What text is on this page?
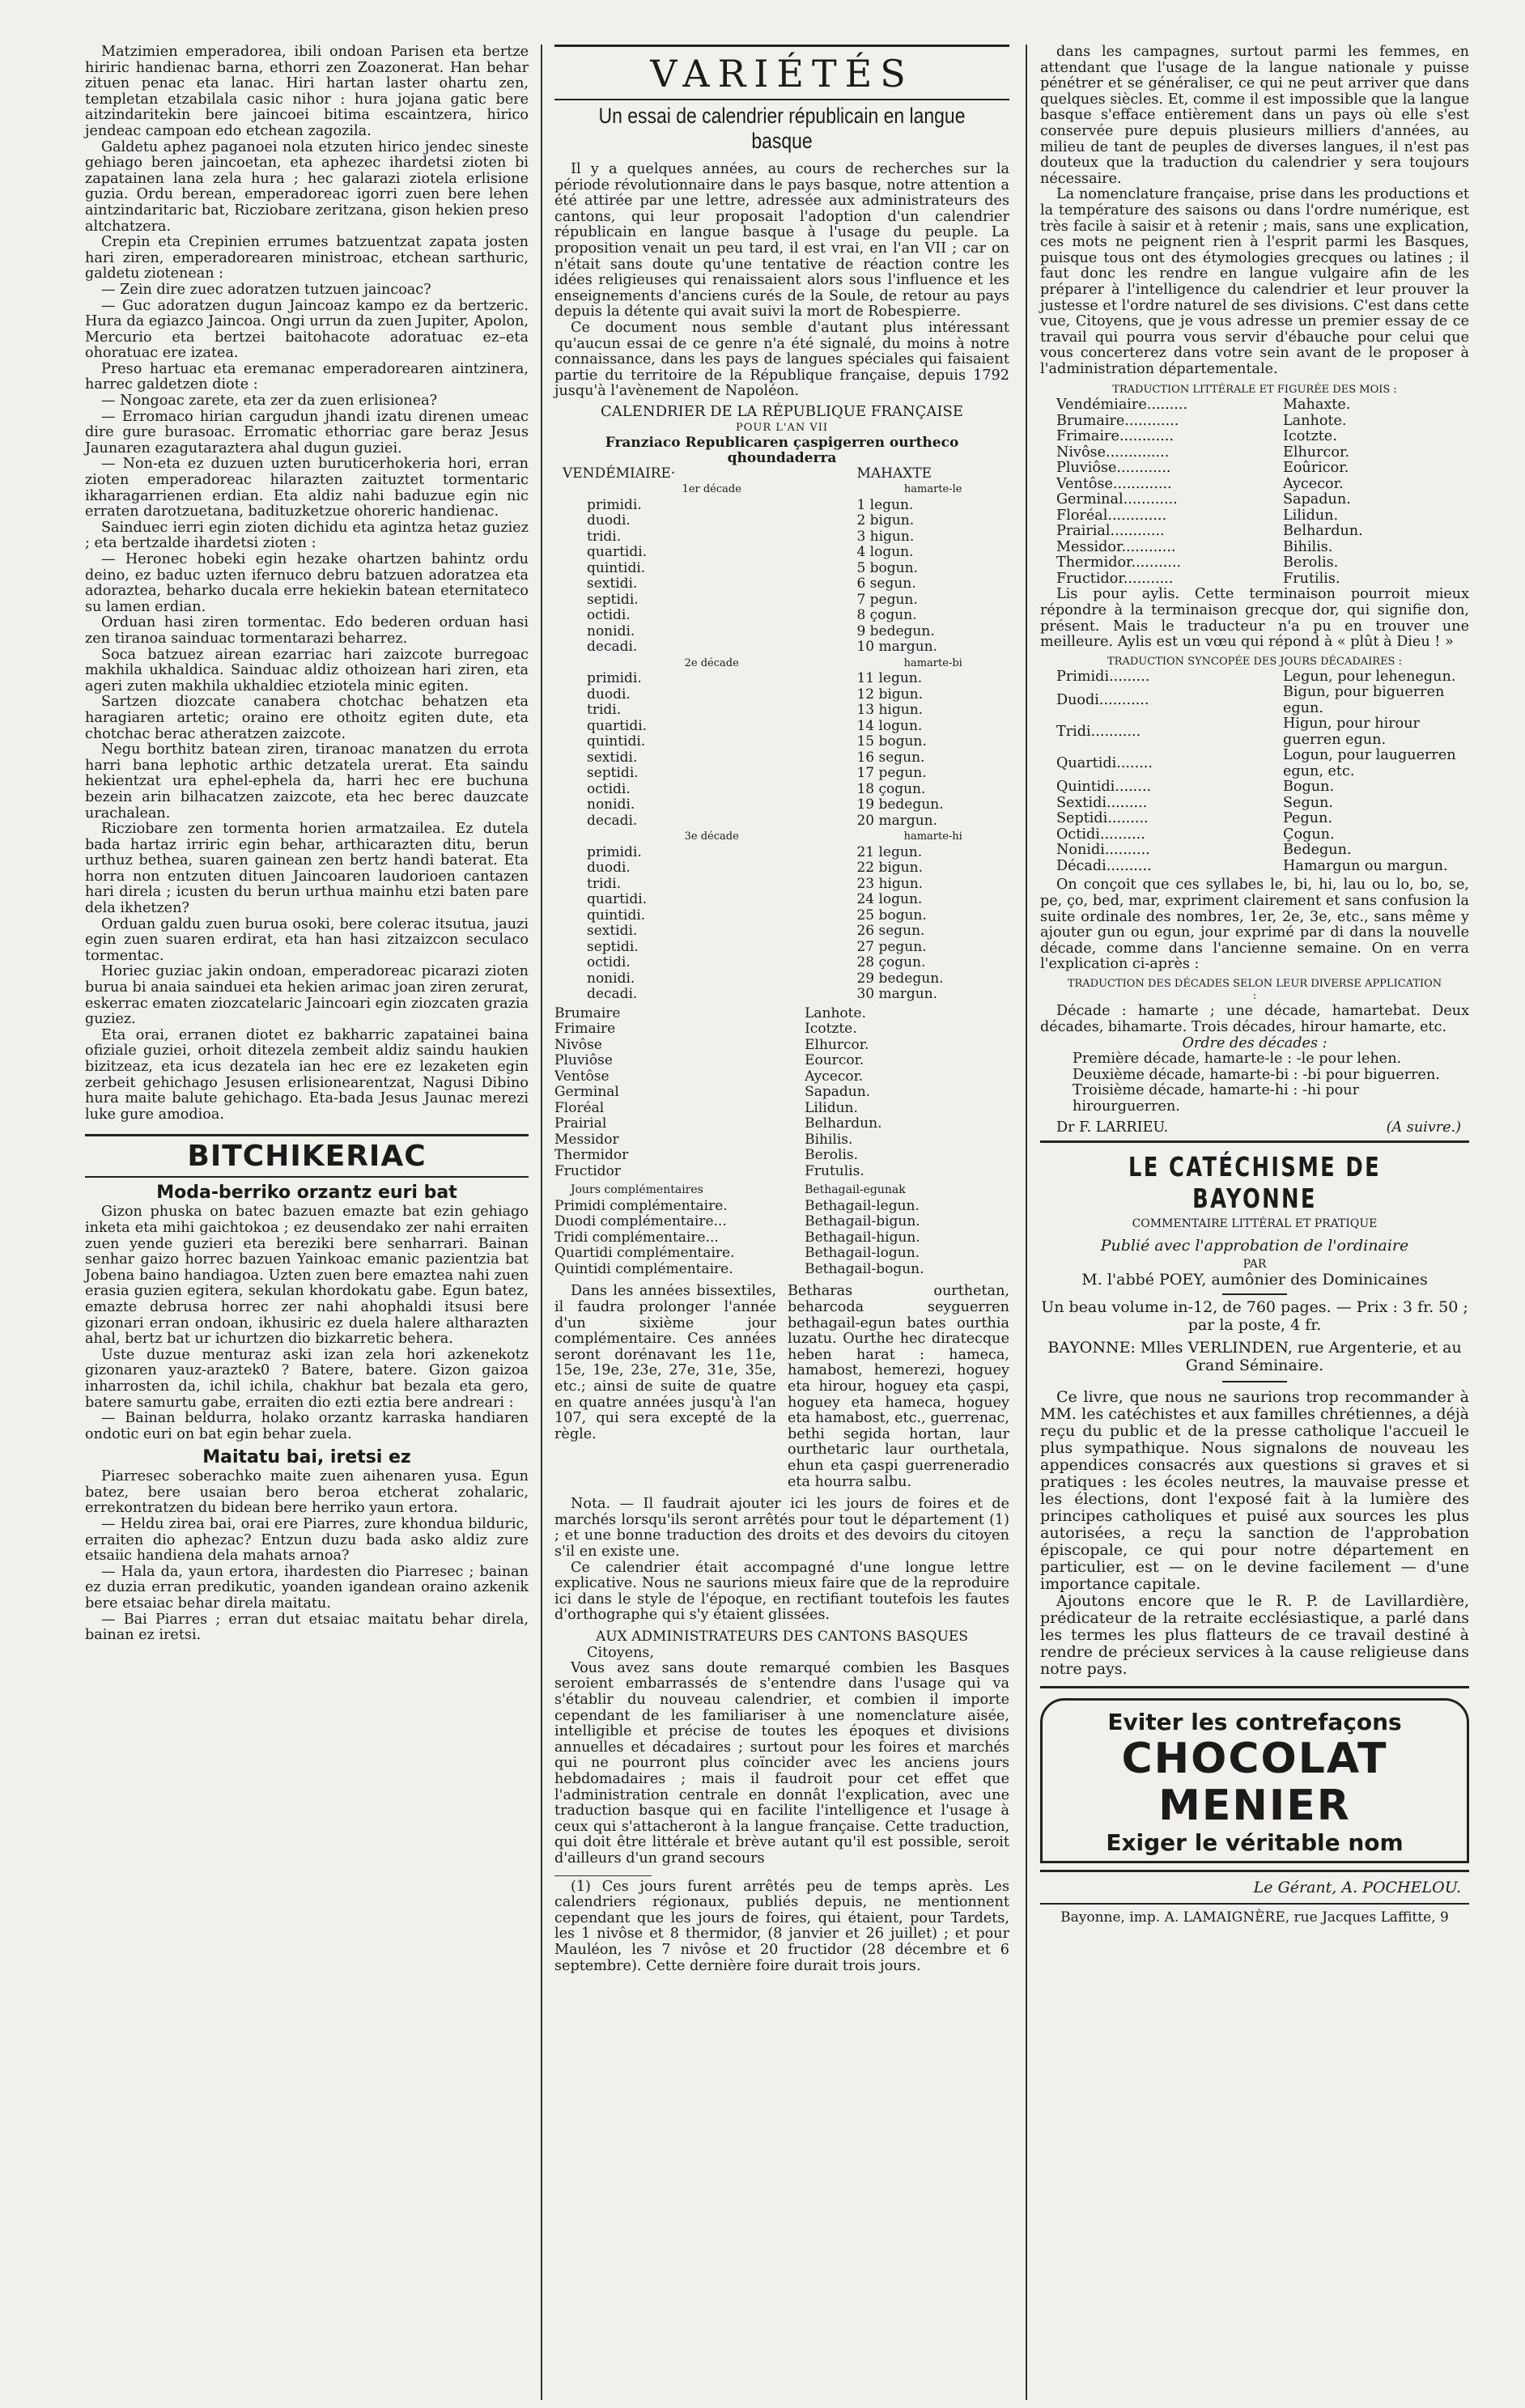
Matzimien emperadorea, ibili ondoan Parisen eta bertze hiriric handienac barna, ethorri zen Zoazonerat. Han behar zituen penac eta lanac. Hiri hartan laster ohartu zen, templetan etzabilala casic nihor : hura jojana gatic bere aitzindaritekin bere jaincoei bitima escaintzera, hirico jendeac campoan edo etchean zagozila.

Galdetu aphez paganoei nola etzuten hirico jendec sineste gehiago beren jaincoetan, eta aphezec ihardetsi zioten bi zapatainen lana zela hura ; hec galarazi ziotela erlisione guzia. Ordu berean, emperadoreac igorri zuen bere lehen aintzindaritaric bat, Ricziobare zeritzana, gison hekien preso altchatzera.

Crepin eta Crepinien errumes batzuentzat zapata josten hari ziren, emperadorearen ministroac, etchean sarthuric, galdetu ziotenean :

— Zein dire zuec adoratzen tutzuen jaincoac?

— Guc adoratzen dugun Jaincoaz kampo ez da bertzeric. Hura da egiazco Jaincoa. Ongi urrun da zuen Jupiter, Apolon, Mercurio eta bertzei baitohacote adoratuac ez–eta ohoratuac ere izatea.

Preso hartuac eta eremanac emperadorearen aintzinera, harrec galdetzen diote :

— Nongoac zarete, eta zer da zuen erlisionea?

— Erromaco hirian cargudun jhandi izatu direnen umeac dire gure burasoac. Erromatic ethorriac gare beraz Jesus Jaunaren ezagutaraztera ahal dugun guziei.

— Non-eta ez duzuen uzten buruticerhokeria hori, erran zioten emperadoreac hilarazten zaituztet tormentaric ikharagarrienen erdian. Eta aldiz nahi baduzue egin nic erraten darotzuetana, badituzketzue ohoreric handienac.

Sainduec ierri egin zioten dichidu eta agintza hetaz guziez ; eta bertzalde ihardetsi zioten :

— Heronec hobeki egin hezake ohartzen bahintz ordu deino, ez baduc uzten ifernuco debru batzuen adoratzea eta adoraztea, beharko ducala erre hekiekin batean eternitateco su lamen erdian.

Orduan hasi ziren tormentac. Edo bederen orduan hasi zen tiranoa sainduac tormentarazi beharrez.

Soca batzuez airean ezarriac hari zaizcote burregoac makhila ukhaldica. Sainduac aldiz othoizean hari ziren, eta ageri zuten makhila ukhaldiec etziotela minic egiten.

Sartzen diozcate canabera chotchac behatzen eta haragiaren artetic; oraino ere othoitz egiten dute, eta chotchac berac atheratzen zaizcote.

Negu borthitz batean ziren, tiranoac manatzen du errota harri bana lephotic arthic detzatela urerat. Eta saindu hekientzat ura ephel-ephela da, harri hec ere buchuna bezein arin bilhacatzen zaizcote, eta hec berec dauzcate urachalean.

Ricziobare zen tormenta horien armatzailea. Ez dutela bada hartaz irriric egin behar, arthicarazten ditu, berun urthuz bethea, suaren gainean zen bertz handi baterat. Eta horra non entzuten dituen Jaincoaren laudorioen cantazen hari direla ; icusten du berun urthua mainhu etzi baten pare dela ikhetzen?

Orduan galdu zuen burua osoki, bere colerac itsutua, jauzi egin zuen suaren erdirat, eta han hasi zitzaizcon seculaco tormentac.

Horiec guziac jakin ondoan, emperadoreac picarazi zioten burua bi anaia sainduei eta hekien arimac joan ziren zerurat, eskerrac ematen ziozcatelaric Jaincoari egin ziozcaten grazia guziez.

Eta orai, erranen diotet ez bakharric zapatainei baina ofiziale guziei, orhoit ditezela zembeit aldiz saindu haukien bizitzeaz, eta icus dezatela ian hec ere ez lezaketen egin zerbeit gehichago Jesusen erlisionearentzat, Nagusi Dibino hura maite balute gehichago. Eta-bada Jesus Jaunac merezi luke gure amodioa.

BITCHIKERIAC
Moda-berriko orzantz euri bat

Gizon phuska on batec bazuen emazte bat ezin gehiago inketa eta mihi gaichtokoa ; ez deusendako zer nahi erraiten zuen yende guzieri eta bereziki bere senharrari. Bainan senhar gaizo horrec bazuen Yainkoac emanic pazientzia bat Jobena baino handiagoa. Uzten zuen bere emaztea nahi zuen erasia guzien egitera, sekulan khordokatu gabe. Egun batez, emazte debrusa horrec zer nahi ahophaldi itsusi bere gizonari erran ondoan, ikhusiric ez duela halere altharazten ahal, bertz bat ur ichurtzen dio bizkarretic behera.

Uste duzue menturaz aski izan zela hori azkenekotz gizonaren yauz-araztek0 ? Batere, batere. Gizon gaizoa inharrosten da, ichil ichila, chakhur bat bezala eta gero, batere samurtu gabe, erraiten dio ezti eztia bere andreari :

— Bainan beldurra, holako orzantz karraska handiaren ondotic euri on bat egin behar zuela.

Maitatu bai, iretsi ez

Piarresec soberachko maite zuen aihenaren yusa. Egun batez, bere usaian bero beroa etcherat zohalaric, errekontratzen du bidean bere herriko yaun ertora.

— Heldu zirea bai, orai ere Piarres, zure khondua bilduric, erraiten dio aphezac? Entzun duzu bada asko aldiz zure etsaiic handiena dela mahats arnoa?

— Hala da, yaun ertora, ihardesten dio Piarresec ; bainan ez duzia erran predikutic, yoanden igandean oraino azkenik bere etsaiac behar direla maitatu.

— Bai Piarres ; erran dut etsaiac maitatu behar direla, bainan ez iretsi.

VARIÉTÉS
Un essai de calendrier républicain en langue basque

Il y a quelques années, au cours de recherches sur la période révolutionnaire dans le pays basque, notre attention a été attirée par une lettre, adressée aux administrateurs des cantons, qui leur proposait l'adoption d'un calendrier républicain en langue basque à l'usage du peuple. La proposition venait un peu tard, il est vrai, en l'an VII ; car on n'était sans doute qu'une tentative de réaction contre les idées religieuses qui renaissaient alors sous l'influence et les enseignements d'anciens curés de la Soule, de retour au pays depuis la détente qui avait suivi la mort de Robespierre.

Ce document nous semble d'autant plus intéressant qu'aucun essai de ce genre n'a été signalé, du moins à notre connaissance, dans les pays de langues spéciales qui faisaient partie du territoire de la République française, depuis 1792 jusqu'à l'avènement de Napoléon.

CALENDRIER DE LA RÉPUBLIQUE FRANÇAISE
POUR L'AN VII
Franziaco Republicaren çaspigerren ourtheco qhoundaderra
VENDÉMIAIRE·	MAHAXTE
1er décade	hamarte-le
primidi.	1 legun.
duodi.	2 bigun.
tridi.	3 higun.
quartidi.	4 logun.
quintidi.	5 bogun.
sextidi.	6 segun.
septidi.	7 pegun.
octidi.	8 çogun.
nonidi.	9 bedegun.
decadi.	10 margun.
2e décade	hamarte-bi
primidi.	11 legun.
duodi.	12 bigun.
tridi.	13 higun.
quartidi.	14 logun.
quintidi.	15 bogun.
sextidi.	16 segun.
septidi.	17 pegun.
octidi.	18 çogun.
nonidi.	19 bedegun.
decadi.	20 margun.
3e décade	hamarte-hi
primidi.	21 legun.
duodi.	22 bigun.
tridi.	23 higun.
quartidi.	24 logun.
quintidi.	25 bogun.
sextidi.	26 segun.
septidi.	27 pegun.
octidi.	28 çogun.
nonidi.	29 bedegun.
decadi.	30 margun.
Brumaire	Lanhote.
Frimaire	Icotzte.
Nivôse	Elhurcor.
Pluviôse	Eourcor.
Ventôse	Aycecor.
Germinal	Sapadun.
Floréal	Lilidun.
Prairial	Belhardun.
Messidor	Bihilis.
Thermidor	Berolis.
Fructidor	Frutulis.
Jours complémentaires	Bethagail-egunak
Primidi complémentaire.	Bethagail-legun.
Duodi complémentaire...	Bethagail-bigun.
Tridi complémentaire...	Bethagail-higun.
Quartidi complémentaire.	Bethagail-logun.
Quintidi complémentaire.	Bethagail-bogun.

Dans les années bissextiles, il faudra prolonger l'année d'un sixième jour complémentaire. Ces années seront dorénavant les 11e, 15e, 19e, 23e, 27e, 31e, 35e, etc.; ainsi de suite de quatre en quatre années jusqu'à l'an 107, qui sera excepté de la règle.

Betharas ourthetan, beharcoda seyguerren bethagail-egun bates ourthia luzatu. Ourthe hec diratecque heben harat : hameca, hamabost, hemerezi, hoguey eta hirour, hoguey eta çaspi, hoguey eta hameca, hoguey eta hamabost, etc., guerrenac, bethi segida hortan, laur ourthetaric laur ourthetala, ehun eta çaspi guerreneradio eta hourra salbu.

Nota. — Il faudrait ajouter ici les jours de foires et de marchés lorsqu'ils seront arrêtés pour tout le département (1) ; et une bonne traduction des droits et des devoirs du citoyen s'il en existe une.

Ce calendrier était accompagné d'une longue lettre explicative. Nous ne saurions mieux faire que de la reproduire ici dans le style de l'époque, en rectifiant toutefois les fautes d'orthographe qui s'y étaient glissées.

AUX ADMINISTRATEURS DES CANTONS BASQUES
Citoyens,

Vous avez sans doute remarqué combien les Basques seroient embarrassés de s'entendre dans l'usage qui va s'établir du nouveau calendrier, et combien il importe cependant de les familiariser à une nomenclature aisée, intelligible et précise de toutes les époques et divisions annuelles et décadaires ; surtout pour les foires et marchés qui ne pourront plus coïncider avec les anciens jours hebdomadaires ; mais il faudroit pour cet effet que l'administration centrale en donnât l'explication, avec une traduction basque qui en facilite l'intelligence et l'usage à ceux qui s'attacheront à la langue française. Cette traduction, qui doit être littérale et brève autant qu'il est possible, seroit d'ailleurs d'un grand secours

(1) Ces jours furent arrêtés peu de temps après. Les calendriers régionaux, publiés depuis, ne mentionnent cependant que les jours de foires, qui étaient, pour Tardets, les 1 nivôse et 8 thermidor, (8 janvier et 26 juillet) ; et pour Mauléon, les 7 nivôse et 20 fructidor (28 décembre et 6 septembre). Cette dernière foire durait trois jours.

dans les campagnes, surtout parmi les femmes, en attendant que l'usage de la langue nationale y puisse pénétrer et se généraliser, ce qui ne peut arriver que dans quelques siècles. Et, comme il est impossible que la langue basque s'efface entièrement dans un pays où elle s'est conservée pure depuis plusieurs milliers d'années, au milieu de tant de peuples de diverses langues, il n'est pas douteux que la traduction du calendrier y sera toujours nécessaire.

La nomenclature française, prise dans les productions et la température des saisons ou dans l'ordre numérique, est très facile à saisir et à retenir ; mais, sans une explication, ces mots ne peignent rien à l'esprit parmi les Basques, puisque tous ont des étymologies grecques ou latines ; il faut donc les rendre en langue vulgaire afin de les préparer à l'intelligence du calendrier et leur prouver la justesse et l'ordre naturel de ses divisions. C'est dans cette vue, Citoyens, que je vous adresse un premier essay de ce travail qui pourra vous servir d'ébauche pour celui que vous concerterez dans votre sein avant de le proposer à l'administration départementale.

TRADUCTION LITTÉRALE ET FIGURÉE DES MOIS :
Vendémiaire.........	Mahaxte.
Brumaire............	Lanhote.
Frimaire............	Icotzte.
Nivôse..............	Elhurcor.
Pluviôse............	Eoûricor.
Ventôse.............	Aycecor.
Germinal............	Sapadun.
Floréal.............	Lilidun.
Prairial............	Belhardun.
Messidor............	Bihilis.
Thermidor...........	Berolis.
Fructidor...........	Frutilis.

Lis pour aylis. Cette terminaison pourroit mieux répondre à la terminaison grecque dor, qui signifie don, présent. Mais le traducteur n'a pu en trouver une meilleure. Aylis est un vœu qui répond à « plût à Dieu ! »

TRADUCTION SYNCOPÉE DES JOURS DÉCADAIRES :
Primidi.........	Legun, pour lehenegun.
Duodi...........	Bigun, pour biguerren egun.
Tridi...........	Higun, pour hirour guerren egun.
Quartidi........	Logun, pour lauguerren egun, etc.
Quintidi........	Bogun.
Sextidi.........	Segun.
Septidi.........	Pegun.
Octidi..........	Çogun.
Nonidi..........	Bedegun.
Décadi..........	Hamargun ou margun.

On conçoit que ces syllabes le, bi, hi, lau ou lo, bo, se, pe, ço, bed, mar, expriment clairement et sans confusion la suite ordinale des nombres, 1er, 2e, 3e, etc., sans même y ajouter gun ou egun, jour exprimé par di dans la nouvelle décade, comme dans l'ancienne semaine. On en verra l'explication ci-après :

TRADUCTION DES DÉCADES SELON LEUR DIVERSE APPLICATION :

Décade : hamarte ; une décade, hamartebat. Deux décades, bihamarte. Trois décades, hirour hamarte, etc.

Ordre des décades :
Première décade, hamarte-le : -le pour lehen.
Deuxième décade, hamarte-bi : -bi pour biguerren.
Troisième décade, hamarte-hi : -hi pour hirourguerren.
Dr F. LARRIEU.	(A suivre.)
LE CATÉCHISME DE BAYONNE
COMMENTAIRE LITTÉRAL ET PRATIQUE
Publié avec l'approbation de l'ordinaire
PAR
M. l'abbé POEY, aumônier des Dominicaines
Un beau volume in-12, de 760 pages. — Prix : 3 fr. 50 ; par la poste, 4 fr.
BAYONNE: Mlles VERLINDEN, rue Argenterie, et au Grand Séminaire.

Ce livre, que nous ne saurions trop recommander à MM. les catéchistes et aux familles chrétiennes, a déjà reçu du public et de la presse catholique l'accueil le plus sympathique. Nous signalons de nouveau les appendices consacrés aux questions si graves et si pratiques : les écoles neutres, la mauvaise presse et les élections, dont l'exposé fait à la lumière des principes catholiques et puisé aux sources les plus autorisées, a reçu la sanction de l'approbation épiscopale, ce qui pour notre département en particulier, est — on le devine facilement — d'une importance capitale.

Ajoutons encore que le R. P. de Lavillardière, prédicateur de la retraite ecclésiastique, a parlé dans les termes les plus flatteurs de ce travail destiné à rendre de précieux services à la cause religieuse dans notre pays.

Eviter les contrefaçons
CHOCOLAT
MENIER
Exiger le véritable nom
Le Gérant, A. POCHELOU.
Bayonne, imp. A. LAMAIGNÈRE, rue Jacques Laffitte, 9
